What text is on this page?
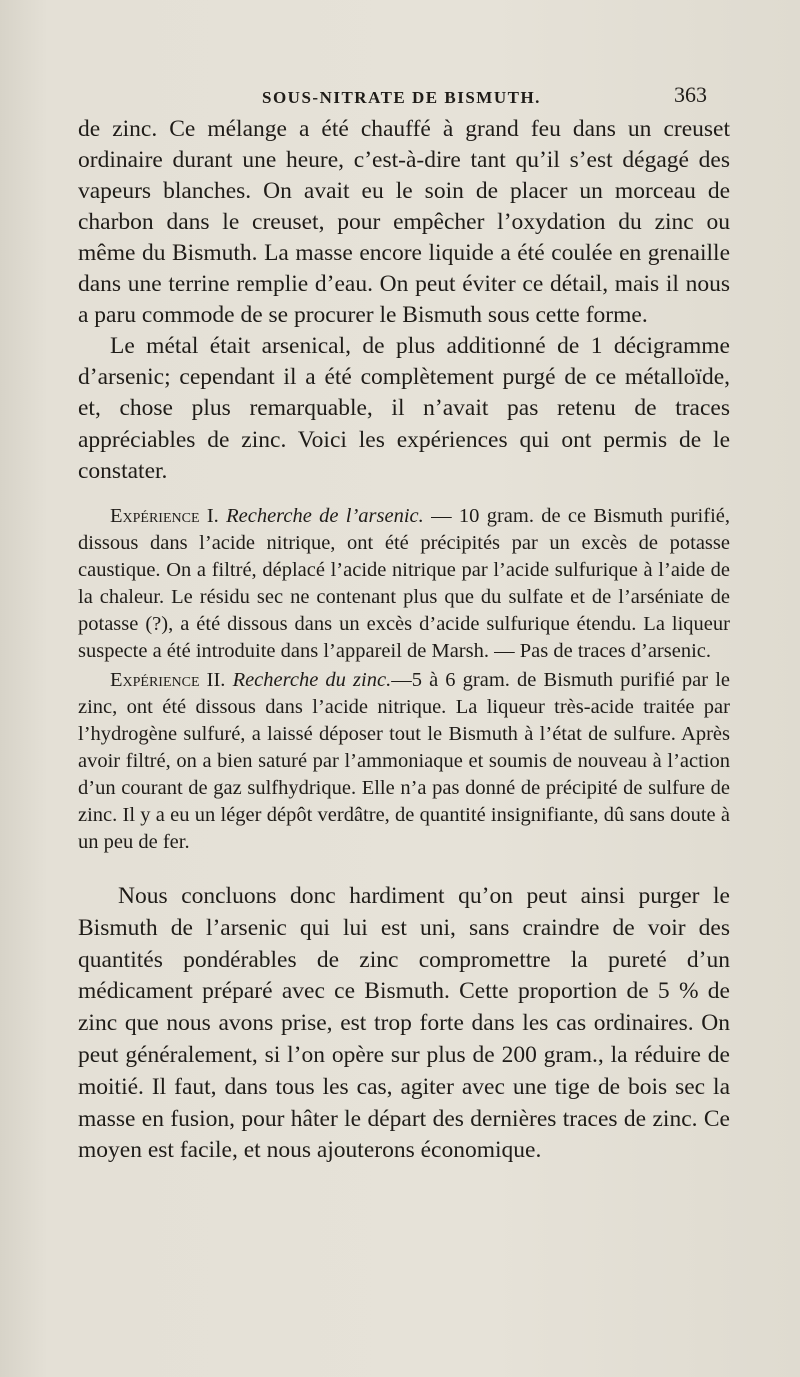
SOUS-NITRATE DE BISMUTH.	363

de zinc. Ce mélange a été chauffé à grand feu dans un creuset ordinaire durant une heure, c’est-à-dire tant qu’il s’est dégagé des vapeurs blanches. On avait eu le soin de placer un morceau de charbon dans le creuset, pour empêcher l’oxydation du zinc ou même du Bismuth. La masse encore liquide a été coulée en grenaille dans une terrine remplie d’eau. On peut éviter ce détail, mais il nous a paru commode de se procurer le Bismuth sous cette forme.

Le métal était arsenical, de plus additionné de 1 décigramme d’arsenic; cependant il a été complètement purgé de ce métalloïde, et, chose plus remarquable, il n’avait pas retenu de traces appréciables de zinc. Voici les expériences qui ont permis de le constater.

Expérience I. Recherche de l’arsenic. — 10 gram. de ce Bismuth purifié, dissous dans l’acide nitrique, ont été précipités par un excès de potasse caustique. On a filtré, déplacé l’acide nitrique par l’acide sulfurique à l’aide de la chaleur. Le résidu sec ne contenant plus que du sulfate et de l’arséniate de potasse (?), a été dissous dans un excès d’acide sulfurique étendu. La liqueur suspecte a été introduite dans l’appareil de Marsh. — Pas de traces d’arsenic.

Expérience II. Recherche du zinc.—5 à 6 gram. de Bismuth purifié par le zinc, ont été dissous dans l’acide nitrique. La liqueur très-acide traitée par l’hydrogène sulfuré, a laissé déposer tout le Bismuth à l’état de sulfure. Après avoir filtré, on a bien saturé par l’ammoniaque et soumis de nouveau à l’action d’un courant de gaz sulfhydrique. Elle n’a pas donné de précipité de sulfure de zinc. Il y a eu un léger dépôt verdâtre, de quantité insignifiante, dû sans doute à un peu de fer.

Nous concluons donc hardiment qu’on peut ainsi purger le Bismuth de l’arsenic qui lui est uni, sans craindre de voir des quantités pondérables de zinc compromettre la pureté d’un médicament préparé avec ce Bismuth. Cette proportion de 5 % de zinc que nous avons prise, est trop forte dans les cas ordinaires. On peut généralement, si l’on opère sur plus de 200 gram., la réduire de moitié. Il faut, dans tous les cas, agiter avec une tige de bois sec la masse en fusion, pour hâter le départ des dernières traces de zinc. Ce moyen est facile, et nous ajouterons économique.
